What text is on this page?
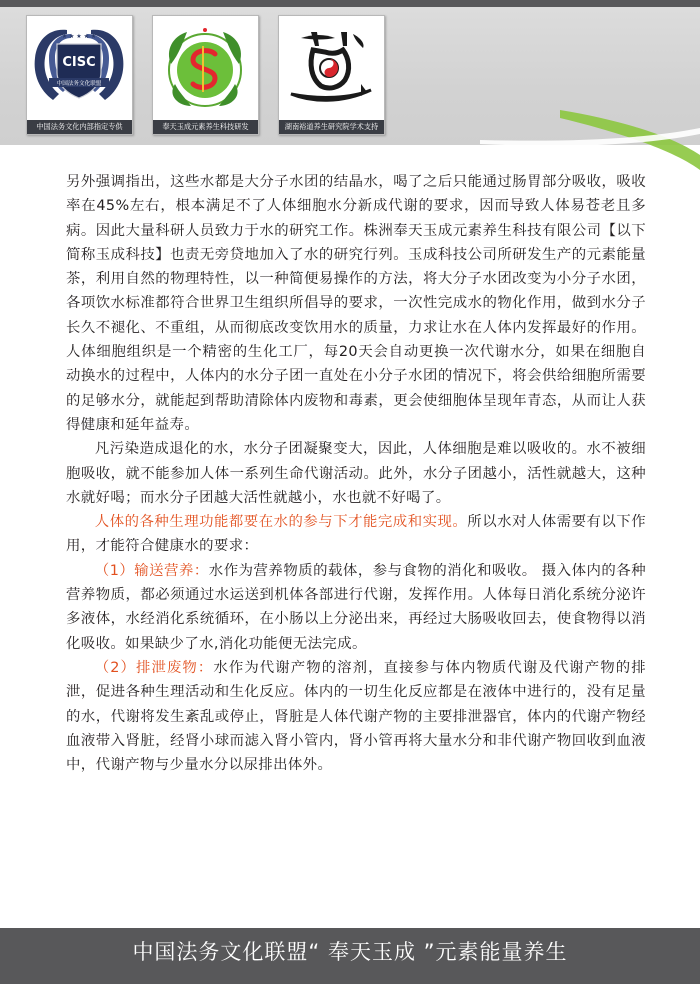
CISC
★ ★ ★ ★ ★
中国法务文化联盟
中国法务文化内部指定专供	奉天玉成元素养生科技研发	湖南裕道养生研究院学术支持

另外强调指出，这些水都是大分子水团的结晶水，喝了之后只能通过肠胃部分吸收，吸收率在45%左右，根本满足不了人体细胞水分新成代谢的要求，因而导致人体易苍老且多病。因此大量科研人员致力于水的研究工作。株洲奉天玉成元素养生科技有限公司【以下简称玉成科技】也责无旁贷地加入了水的研究行列。玉成科技公司所研发生产的元素能量茶，利用自然的物理特性，以一种简便易操作的方法，将大分子水团改变为小分子水团，各项饮水标准都符合世界卫生组织所倡导的要求，一次性完成水的物化作用，做到水分子长久不褪化、不重组，从而彻底改变饮用水的质量，力求让水在人体内发挥最好的作用。人体细胞组织是一个精密的生化工厂，每20天会自动更换一次代谢水分，如果在细胞自动换水的过程中，人体内的水分子团一直处在小分子水团的情况下，将会供给细胞所需要的足够水分，就能起到帮助清除体内废物和毒素，更会使细胞体呈现年青态，从而让人获得健康和延年益寿。

凡污染造成退化的水，水分子团凝聚变大，因此，人体细胞是难以吸收的。水不被细胞吸收，就不能参加人体一系列生命代谢活动。此外，水分子团越小，活性就越大，这种水就好喝；而水分子团越大活性就越小，水也就不好喝了。

人体的各种生理功能都要在水的参与下才能完成和实现。所以水对人体需要有以下作用，才能符合健康水的要求：

（1）输送营养：水作为营养物质的载体，参与食物的消化和吸收。 摄入体内的各种营养物质，都必须通过水运送到机体各部进行代谢，发挥作用。人体每日消化系统分泌许多液体，水经消化系统循环，在小肠以上分泌出来，再经过大肠吸收回去，使食物得以消化吸收。如果缺少了水,消化功能便无法完成。

（2）排泄废物：水作为代谢产物的溶剂，直接参与体内物质代谢及代谢产物的排泄，促进各种生理活动和生化反应。体内的一切生化反应都是在液体中进行的，没有足量的水，代谢将发生紊乱或停止，肾脏是人体代谢产物的主要排泄器官，体内的代谢产物经血液带入肾脏，经肾小球而滤入肾小管内，肾小管再将大量水分和非代谢产物回收到血液中，代谢产物与少量水分以尿排出体外。

中国法务文化联盟“ 奉天玉成 ”元素能量养生
